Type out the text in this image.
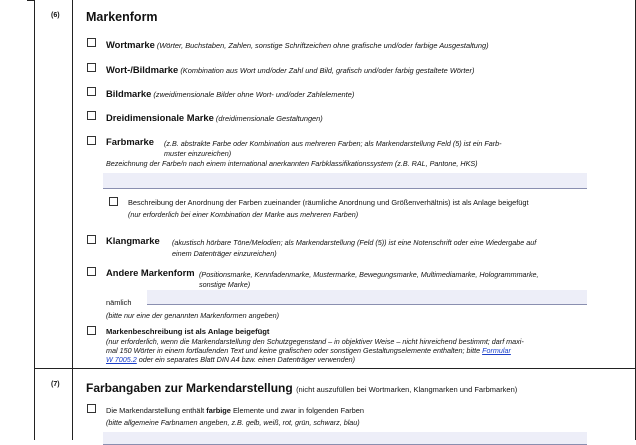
(6) Markenform
Wortmarke (Wörter, Buchstaben, Zahlen, sonstige Schriftzeichen ohne grafische und/oder farbige Ausgestaltung)
Wort-/Bildmarke (Kombination aus Wort und/oder Zahl und Bild, grafisch und/oder farbig gestaltete Wörter)
Bildmarke (zweidimensionale Bilder ohne Wort- und/oder Zahlelemente)
Dreidimensionale Marke (dreidimensionale Gestaltungen)
Farbmarke (z.B. abstrakte Farbe oder Kombination aus mehreren Farben; als Markendarstellung Feld (5) ist ein Farb-
muster einzureichen)
Bezeichnung der Farbe/n nach einem international anerkannten Farbklassifikationssystem (z.B. RAL, Pantone, HKS)
Beschreibung der Anordnung der Farben zueinander (räumliche Anordnung und Größenverhältnis) ist als Anlage beigefügt
(nur erforderlich bei einer Kombination der Marke aus mehreren Farben)
Klangmarke (akustisch hörbare Töne/Melodien; als Markendarstellung (Feld (5)) ist eine Notenschrift oder eine Wiedergabe auf
einem Datenträger einzureichen)
Andere Markenform (Positionsmarke, Kennfadenmarke, Mustermarke, Bewegungsmarke, Multimediamarke, Hologrammmarke,
sonstige Marke)
nämlich
(bitte nur eine der genannten Markenformen angeben)
Markenbeschreibung ist als Anlage beigefügt
(nur erforderlich, wenn die Markendarstellung den Schutzgegenstand – in objektiver Weise – nicht hinreichend bestimmt; darf maxi-
mal 150 Wörter in einem fortlaufenden Text und keine grafischen oder sonstigen Gestaltungselemente enthalten; bitte Formular
W 7005.2 oder ein separates Blatt DIN A4 bzw. einen Datenträger verwenden)
(7) Farbangaben zur Markendarstellung (nicht auszufüllen bei Wortmarken, Klangmarken und Farbmarken)
Die Markendarstellung enthält farbige Elemente und zwar in folgenden Farben
(bitte allgemeine Farbnamen angeben, z.B. gelb, weiß, rot, grün, schwarz, blau)
